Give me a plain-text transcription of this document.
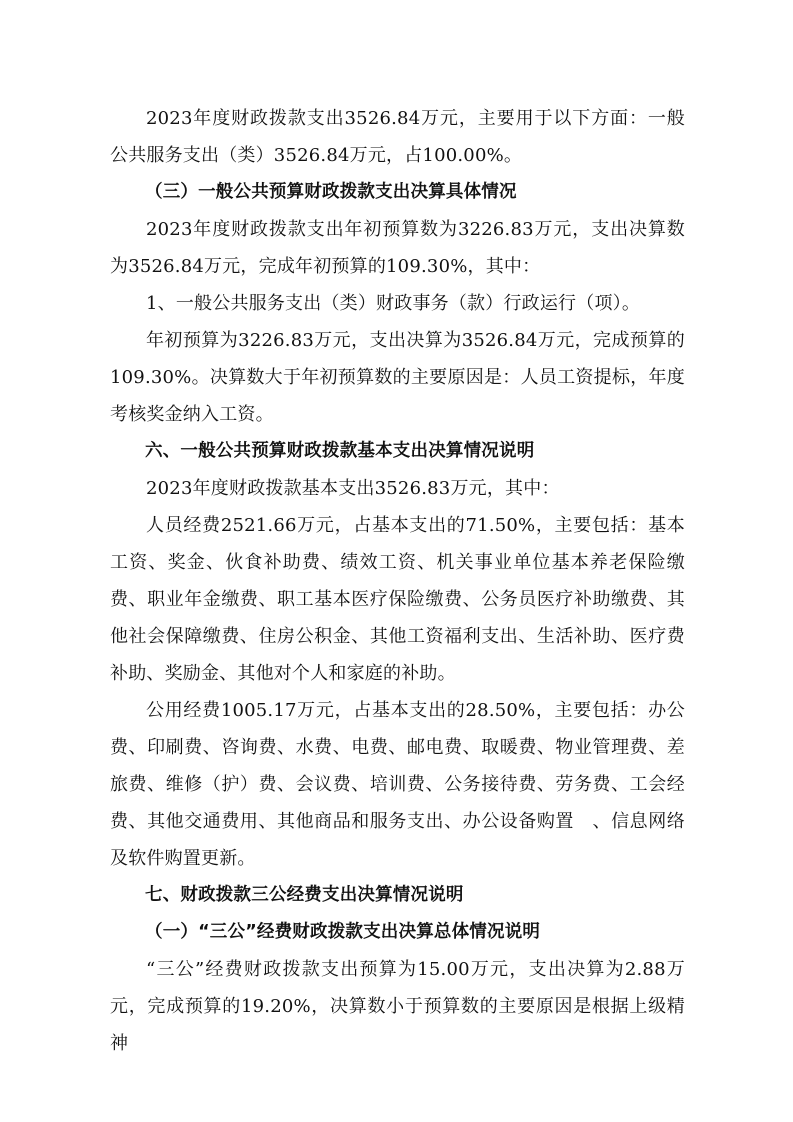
2023年度财政拨款支出3526.84万元，主要用于以下方面：一般公共服务支出（类）3526.84万元，占100.00%。

（三）一般公共预算财政拨款支出决算具体情况

2023年度财政拨款支出年初预算数为3226.83万元，支出决算数为3526.84万元，完成年初预算的109.30%，其中：

1、一般公共服务支出（类）财政事务（款）行政运行（项）。

年初预算为3226.83万元，支出决算为3526.84万元，完成预算的109.30%。决算数大于年初预算数的主要原因是：人员工资提标，年度考核奖金纳入工资。

六、一般公共预算财政拨款基本支出决算情况说明

2023年度财政拨款基本支出3526.83万元，其中：

人员经费2521.66万元，占基本支出的71.50%，主要包括：基本工资、奖金、伙食补助费、绩效工资、机关事业单位基本养老保险缴费、职业年金缴费、职工基本医疗保险缴费、公务员医疗补助缴费、其他社会保障缴费、住房公积金、其他工资福利支出、生活补助、医疗费补助、奖励金、其他对个人和家庭的补助。

公用经费1005.17万元，占基本支出的28.50%，主要包括：办公费、印刷费、咨询费、水费、电费、邮电费、取暖费、物业管理费、差旅费、维修（护）费、会议费、培训费、公务接待费、劳务费、工会经费、其他交通费用、其他商品和服务支出、办公设备购置　、信息网络及软件购置更新。

七、财政拨款三公经费支出决算情况说明

（一）“三公”经费财政拨款支出决算总体情况说明

“三公”经费财政拨款支出预算为15.00万元，支出决算为2.88万元，完成预算的19.20%，决算数小于预算数的主要原因是根据上级精神
